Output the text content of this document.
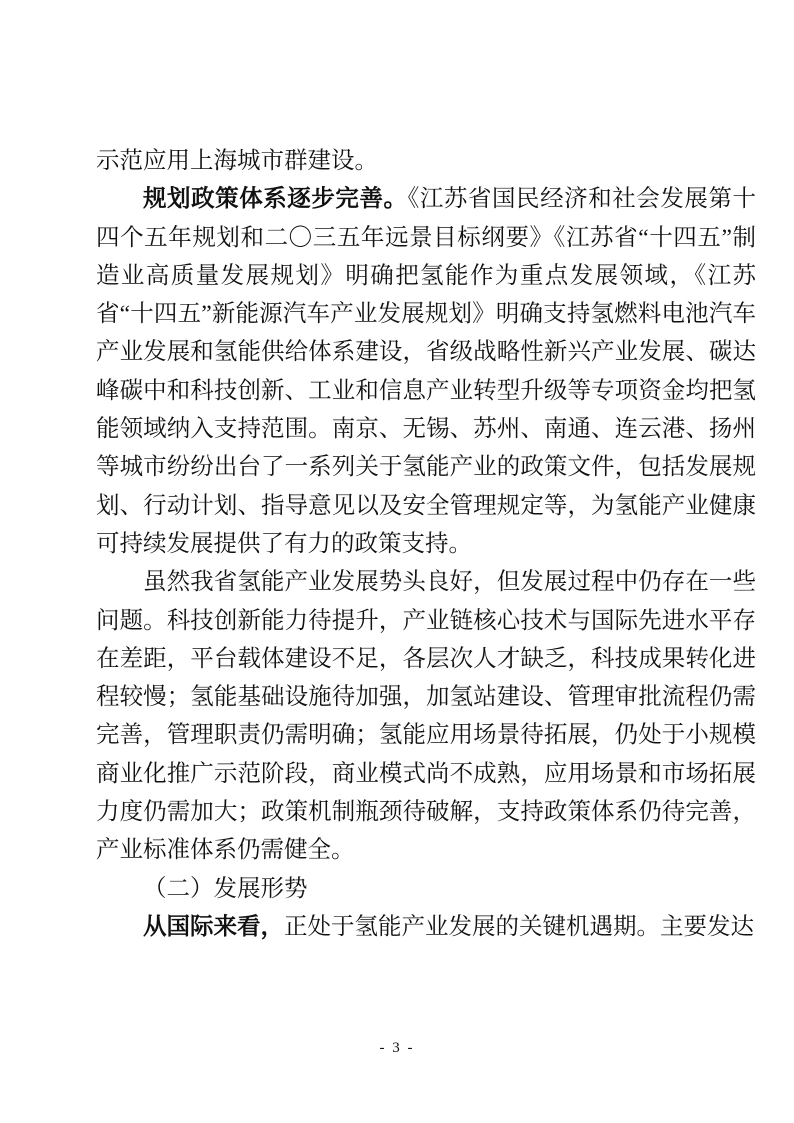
示范应用上海城市群建设。

规划政策体系逐步完善。《江苏省国民经济和社会发展第十四个五年规划和二〇三五年远景目标纲要》《江苏省“十四五”制造业高质量发展规划》明确把氢能作为重点发展领域，《江苏省“十四五”新能源汽车产业发展规划》明确支持氢燃料电池汽车产业发展和氢能供给体系建设，省级战略性新兴产业发展、碳达峰碳中和科技创新、工业和信息产业转型升级等专项资金均把氢能领域纳入支持范围。南京、无锡、苏州、南通、连云港、扬州等城市纷纷出台了一系列关于氢能产业的政策文件，包括发展规划、行动计划、指导意见以及安全管理规定等，为氢能产业健康可持续发展提供了有力的政策支持。

虽然我省氢能产业发展势头良好，但发展过程中仍存在一些问题。科技创新能力待提升，产业链核心技术与国际先进水平存在差距，平台载体建设不足，各层次人才缺乏，科技成果转化进程较慢；氢能基础设施待加强，加氢站建设、管理审批流程仍需完善，管理职责仍需明确；氢能应用场景待拓展，仍处于小规模商业化推广示范阶段，商业模式尚不成熟，应用场景和市场拓展力度仍需加大；政策机制瓶颈待破解，支持政策体系仍待完善，产业标准体系仍需健全。

（二）发展形势

从国际来看，正处于氢能产业发展的关键机遇期。主要发达

- 3 -
